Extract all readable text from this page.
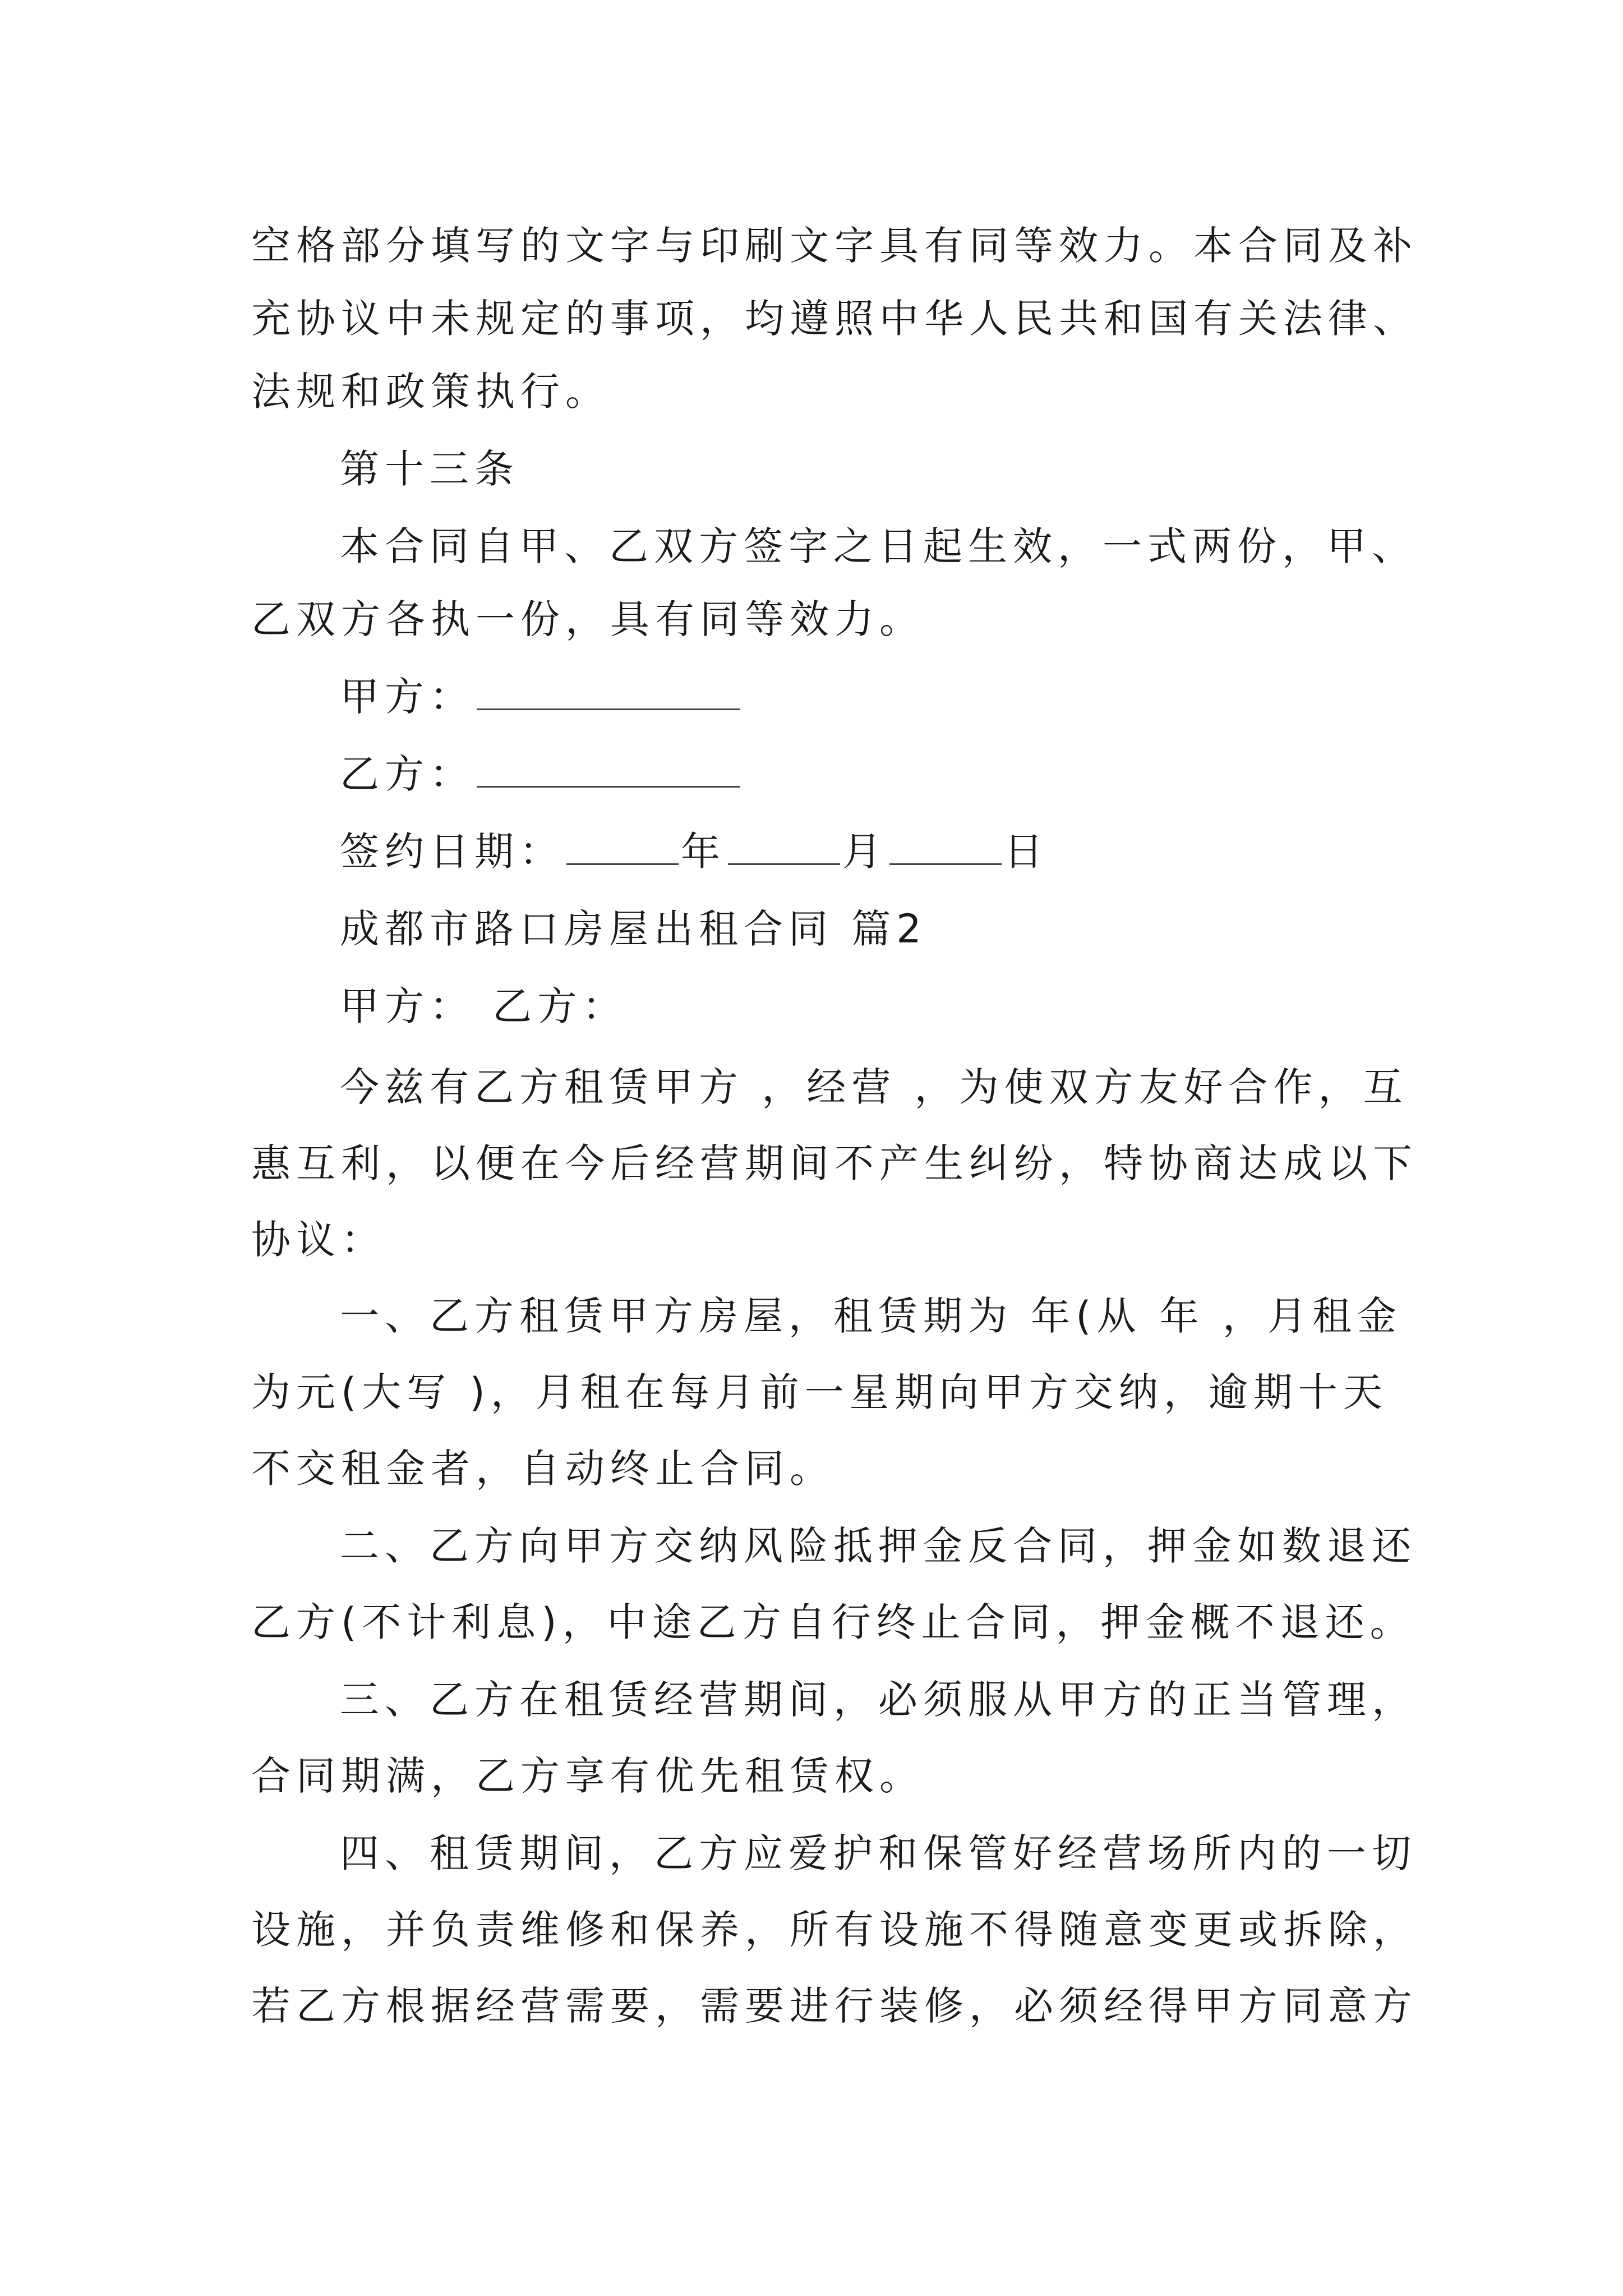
空格部分填写的文字与印刷文字具有同等效力。本合同及补
充协议中未规定的事项，均遵照中华人民共和国有关法律、
法规和政策执行。
第十三条
本合同自甲、乙双方签字之日起生效，一式两份，甲、
乙双方各执一份，具有同等效力。
甲方：
乙方：
签约日期：	年	月	日
成都市路口房屋出租合同 篇2
甲方： 乙方：
今兹有乙方租赁甲方 ，经营 ，为使双方友好合作，互
惠互利，以便在今后经营期间不产生纠纷，特协商达成以下
协议：
一、乙方租赁甲方房屋，租赁期为 年(从 年 ，月租金
为元(大写 )，月租在每月前一星期向甲方交纳，逾期十天
不交租金者，自动终止合同。
二、乙方向甲方交纳风险抵押金反合同，押金如数退还
乙方(不计利息)，中途乙方自行终止合同，押金概不退还。
三、乙方在租赁经营期间，必须服从甲方的正当管理，
合同期满，乙方享有优先租赁权。
四、租赁期间，乙方应爱护和保管好经营场所内的一切
设施，并负责维修和保养，所有设施不得随意变更或拆除，
若乙方根据经营需要，需要进行装修，必须经得甲方同意方
